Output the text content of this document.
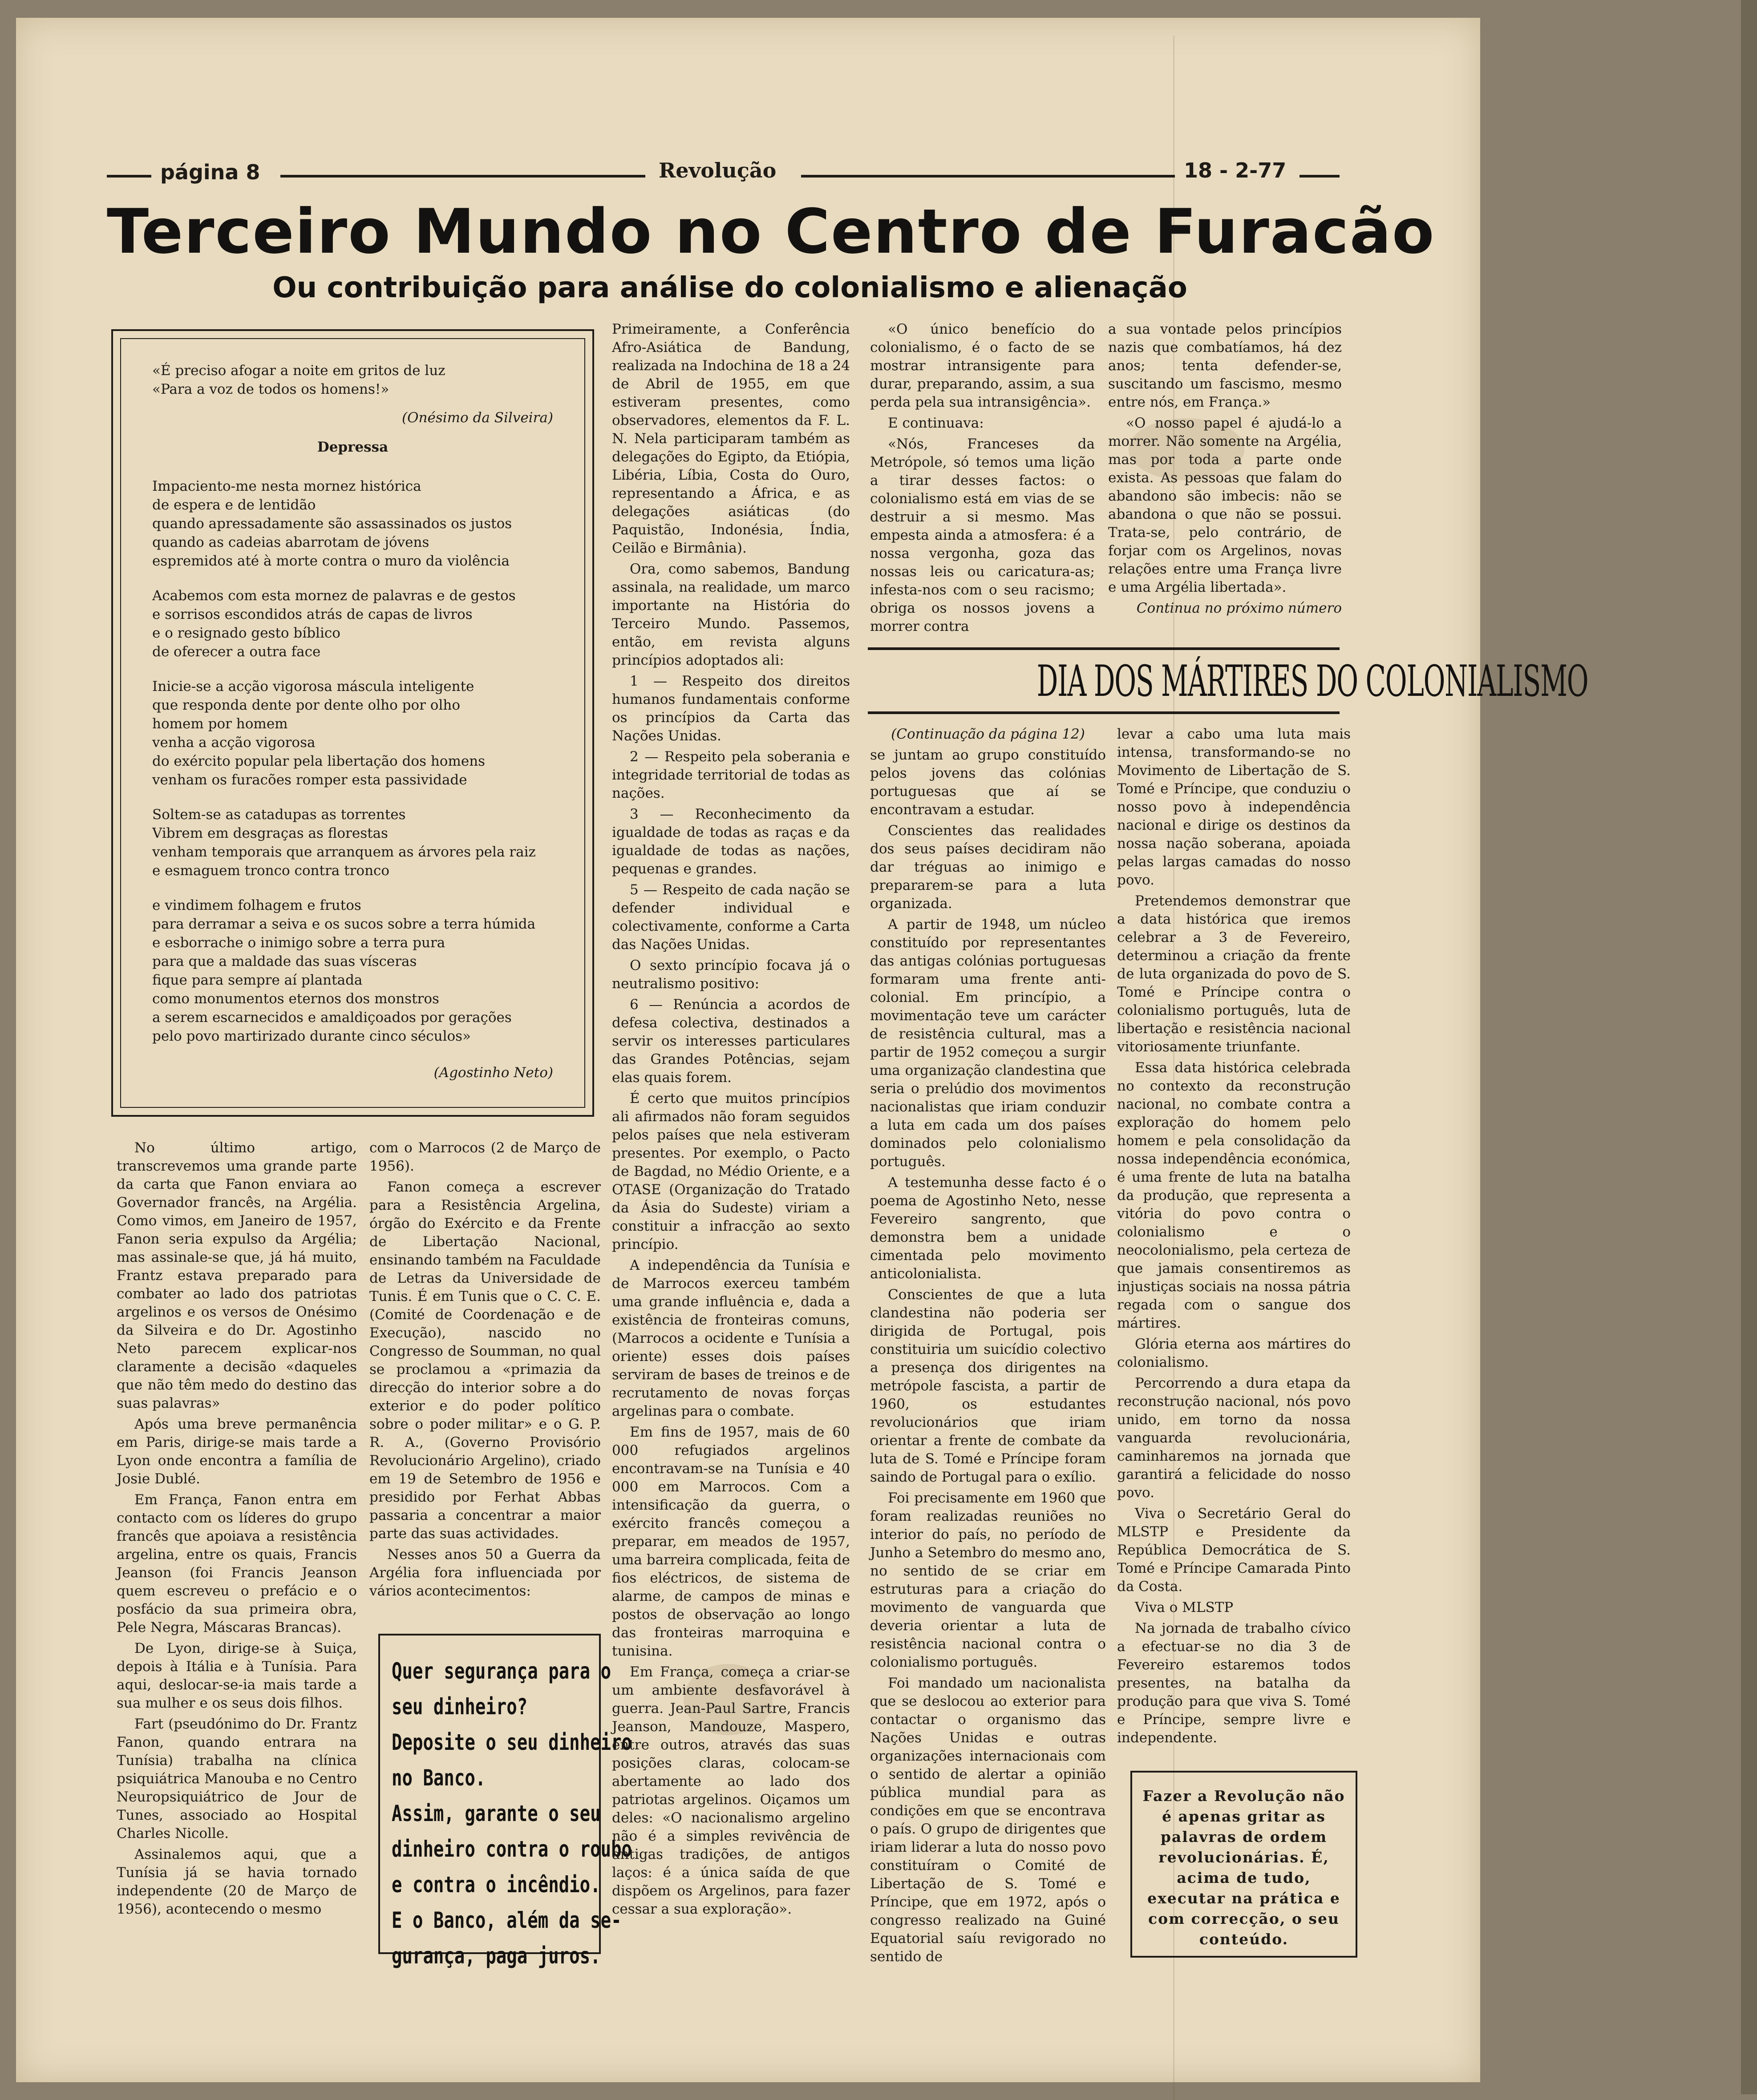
página 8	Revolução	18 - 2-77
Terceiro Mundo no Centro de Furacão
Ou contribuição para análise do colonialismo e alienação
«É preciso afogar a noite em gritos de luz
«Para a voz de todos os homens!»
(Onésimo da Silveira)
Depressa
Impaciento-me nesta mornez histórica
de espera e de lentidão
quando apressadamente são assassinados os justos
quando as cadeias abarrotam de jóvens
espremidos até à morte contra o muro da violência
Acabemos com esta mornez de palavras e de gestos
e sorrisos escondidos atrás de capas de livros
e o resignado gesto bíblico
de oferecer a outra face
Inicie-se a acção vigorosa máscula inteligente
que responda dente por dente olho por olho
homem por homem
venha a acção vigorosa
do exército popular pela libertação dos homens
venham os furacões romper esta passividade
Soltem-se as catadupas as torrentes
Vibrem em desgraças as florestas
venham temporais que arranquem as árvores pela raiz
e esmaguem tronco contra tronco
e vindimem folhagem e frutos
para derramar a seiva e os sucos sobre a terra húmida
e esborrache o inimigo sobre a terra pura
para que a maldade das suas vísceras
fique para sempre aí plantada
como monumentos eternos dos monstros
a serem escarnecidos e amaldiçoados por gerações
pelo povo martirizado durante cinco séculos»
(Agostinho Neto)

No último artigo, transcrevemos uma grande parte da carta que Fanon enviara ao Governador francês, na Argélia. Como vimos, em Janeiro de 1957, Fanon seria expulso da Argélia; mas assinale-se que, já há muito, Frantz estava preparado para combater ao lado dos patriotas argelinos e os versos de Onésimo da Silveira e do Dr. Agostinho Neto parecem explicar-nos claramente a decisão «daqueles que não têm medo do destino das suas palavras»

Após uma breve permanência em Paris, dirige-se mais tarde a Lyon onde encontra a família de Josie Dublé.

Em França, Fanon entra em contacto com os líderes do grupo francês que apoiava a resistência argelina, entre os quais, Francis Jeanson (foi Francis Jeanson quem escreveu o prefácio e o posfácio da sua primeira obra, Pele Negra, Máscaras Brancas).

De Lyon, dirige-se à Suiça, depois à Itália e à Tunísia. Para aqui, deslocar-se-ia mais tarde a sua mulher e os seus dois filhos.

Fart (pseudónimo do Dr. Frantz Fanon, quando entrara na Tunísia) trabalha na clínica psiquiátrica Manouba e no Centro Neuropsiquiátrico de Jour de Tunes, associado ao Hospital Charles Nicolle.

Assinalemos aqui, que a Tunísia já se havia tornado independente (20 de Março de 1956), acontecendo o mesmo

com o Marrocos (2 de Março de 1956).

Fanon começa a escrever para a Resistência Argelina, órgão do Exército e da Frente de Libertação Nacional, ensinando também na Faculdade de Letras da Universidade de Tunis. É em Tunis que o C. C. E. (Comité de Coordenação e de Execução), nascido no Congresso de Soumman, no qual se proclamou a «primazia da direcção do interior sobre a do exterior e do poder político sobre o poder militar» e o G. P. R. A., (Governo Provisório Revolucionário Argelino), criado em 19 de Setembro de 1956 e presidido por Ferhat Abbas passaria a concentrar a maior parte das suas actividades.

Nesses anos 50 a Guerra da Argélia fora influenciada por vários acontecimentos:

Quer segurança para o
seu dinheiro?
Deposite o seu dinheiro
no Banco.
Assim, garante o seu
dinheiro contra o roubo
e contra o incêndio.
E o Banco, além da se-
gurança, paga juros.

Primeiramente, a Conferência Afro-Asiática de Bandung, realizada na Indochina de 18 a 24 de Abril de 1955, em que estiveram presentes, como observadores, elementos da F. L. N. Nela participaram também as delegações do Egipto, da Etiópia, Libéria, Líbia, Costa do Ouro, representando a África, e as delegações asiáticas (do Paquistão, Indonésia, Índia, Ceilão e Birmânia).

Ora, como sabemos, Bandung assinala, na realidade, um marco importante na História do Terceiro Mundo. Passemos, então, em revista alguns princípios adoptados ali:

1 — Respeito dos direitos humanos fundamentais conforme os princípios da Carta das Nações Unidas.

2 — Respeito pela soberania e integridade territorial de todas as nações.

3 — Reconhecimento da igualdade de todas as raças e da igualdade de todas as nações, pequenas e grandes.

5 — Respeito de cada nação se defender individual e colectivamente, conforme a Carta das Nações Unidas.

O sexto princípio focava já o neutralismo positivo:

6 — Renúncia a acordos de defesa colectiva, destinados a servir os interesses particulares das Grandes Potências, sejam elas quais forem.

É certo que muitos princípios ali afirmados não foram seguidos pelos países que nela estiveram presentes. Por exemplo, o Pacto de Bagdad, no Médio Oriente, e a OTASE (Organização do Tratado da Ásia do Sudeste) viriam a constituir a infracção ao sexto princípio.

A independência da Tunísia e de Marrocos exerceu também uma grande influência e, dada a existência de fronteiras comuns, (Marrocos a ocidente e Tunísia a oriente) esses dois países serviram de bases de treinos e de recrutamento de novas forças argelinas para o combate.

Em fins de 1957, mais de 60 000 refugiados argelinos encontravam-se na Tunísia e 40 000 em Marrocos. Com a intensificação da guerra, o exército francês começou a preparar, em meados de 1957, uma barreira complicada, feita de fios eléctricos, de sistema de alarme, de campos de minas e postos de observação ao longo das fronteiras marroquina e tunisina.

Em França, começa a criar-se um ambiente desfavorável à guerra. Jean-Paul Sartre, Francis Jeanson, Mandouze, Maspero, entre outros, através das suas posições claras, colocam-se abertamente ao lado dos patriotas argelinos. Oiçamos um deles: «O nacionalismo argelino não é a simples revivência de antigas tradições, de antigos laços: é a única saída de que dispõem os Argelinos, para fazer cessar a sua exploração».

«O único benefício do colonialismo, é o facto de se mostrar intransigente para durar, preparando, assim, a sua perda pela sua intransigência».

E continuava:

«Nós, Franceses da Metrópole, só temos uma lição a tirar desses factos: o colonialismo está em vias de se destruir a si mesmo. Mas empesta ainda a atmosfera: é a nossa vergonha, goza das nossas leis ou caricatura-as; infesta-nos com o seu racismo; obriga os nossos jovens a morrer contra

a sua vontade pelos princípios nazis que combatíamos, há dez anos; tenta defender-se, suscitando um fascismo, mesmo entre nós, em França.»

«O nosso papel é ajudá-lo a morrer. Não somente na Argélia, mas por toda a parte onde exista. As pessoas que falam do abandono são imbecis: não se abandona o que não se possui. Trata-se, pelo contrário, de forjar com os Argelinos, novas relações entre uma França livre e uma Argélia libertada».

Continua no próximo número

DIA DOS MÁRTIRES DO COLONIALISMO

(Continuação da página 12)

se juntam ao grupo constituído pelos jovens das colónias portuguesas que aí se encontravam a estudar.

Conscientes das realidades dos seus países decidiram não dar tréguas ao inimigo e prepararem-se para a luta organizada.

A partir de 1948, um núcleo constituído por representantes das antigas colónias portuguesas formaram uma frente anti-colonial. Em princípio, a movimentação teve um carácter de resistência cultural, mas a partir de 1952 começou a surgir uma organização clandestina que seria o prelúdio dos movimentos nacionalistas que iriam conduzir a luta em cada um dos países dominados pelo colonialismo português.

A testemunha desse facto é o poema de Agostinho Neto, nesse Fevereiro sangrento, que demonstra bem a unidade cimentada pelo movimento anticolonialista.

Conscientes de que a luta clandestina não poderia ser dirigida de Portugal, pois constituiria um suicídio colectivo a presença dos dirigentes na metrópole fascista, a partir de 1960, os estudantes revolucionários que iriam orientar a frente de combate da luta de S. Tomé e Príncipe foram saindo de Portugal para o exílio.

Foi precisamente em 1960 que foram realizadas reuniões no interior do país, no período de Junho a Setembro do mesmo ano, no sentido de se criar em estruturas para a criação do movimento de vanguarda que deveria orientar a luta de resistência nacional contra o colonialismo português.

Foi mandado um nacionalista que se deslocou ao exterior para contactar o organismo das Nações Unidas e outras organizações internacionais com o sentido de alertar a opinião pública mundial para as condições em que se encontrava o país. O grupo de dirigentes que iriam liderar a luta do nosso povo constituíram o Comité de Libertação de S. Tomé e Príncipe, que em 1972, após o congresso realizado na Guiné Equatorial saíu revigorado no sentido de

levar a cabo uma luta mais intensa, transformando-se no Movimento de Libertação de S. Tomé e Príncipe, que conduziu o nosso povo à independência nacional e dirige os destinos da nossa nação soberana, apoiada pelas largas camadas do nosso povo.

Pretendemos demonstrar que a data histórica que iremos celebrar a 3 de Fevereiro, determinou a criação da frente de luta organizada do povo de S. Tomé e Príncipe contra o colonialismo português, luta de libertação e resistência nacional vitoriosamente triunfante.

Essa data histórica celebrada no contexto da reconstrução nacional, no combate contra a exploração do homem pelo homem e pela consolidação da nossa independência económica, é uma frente de luta na batalha da produção, que representa a vitória do povo contra o colonialismo e o neocolonialismo, pela certeza de que jamais consentiremos as injustiças sociais na nossa pátria regada com o sangue dos mártires.

Glória eterna aos mártires do colonialismo.

Percorrendo a dura etapa da reconstrução nacional, nós povo unido, em torno da nossa vanguarda revolucionária, caminharemos na jornada que garantirá a felicidade do nosso povo.

Viva o Secretário Geral do MLSTP e Presidente da República Democrática de S. Tomé e Príncipe Camarada Pinto da Costa.

Viva o MLSTP

Na jornada de trabalho cívico a efectuar-se no dia 3 de Fevereiro estaremos todos presentes, na batalha da produção para que viva S. Tomé e Príncipe, sempre livre e independente.

Fazer a Revolução não é apenas gritar as palavras de ordem revolucionárias. É, acima de tudo, executar na prática e com correcção, o seu conteúdo.
